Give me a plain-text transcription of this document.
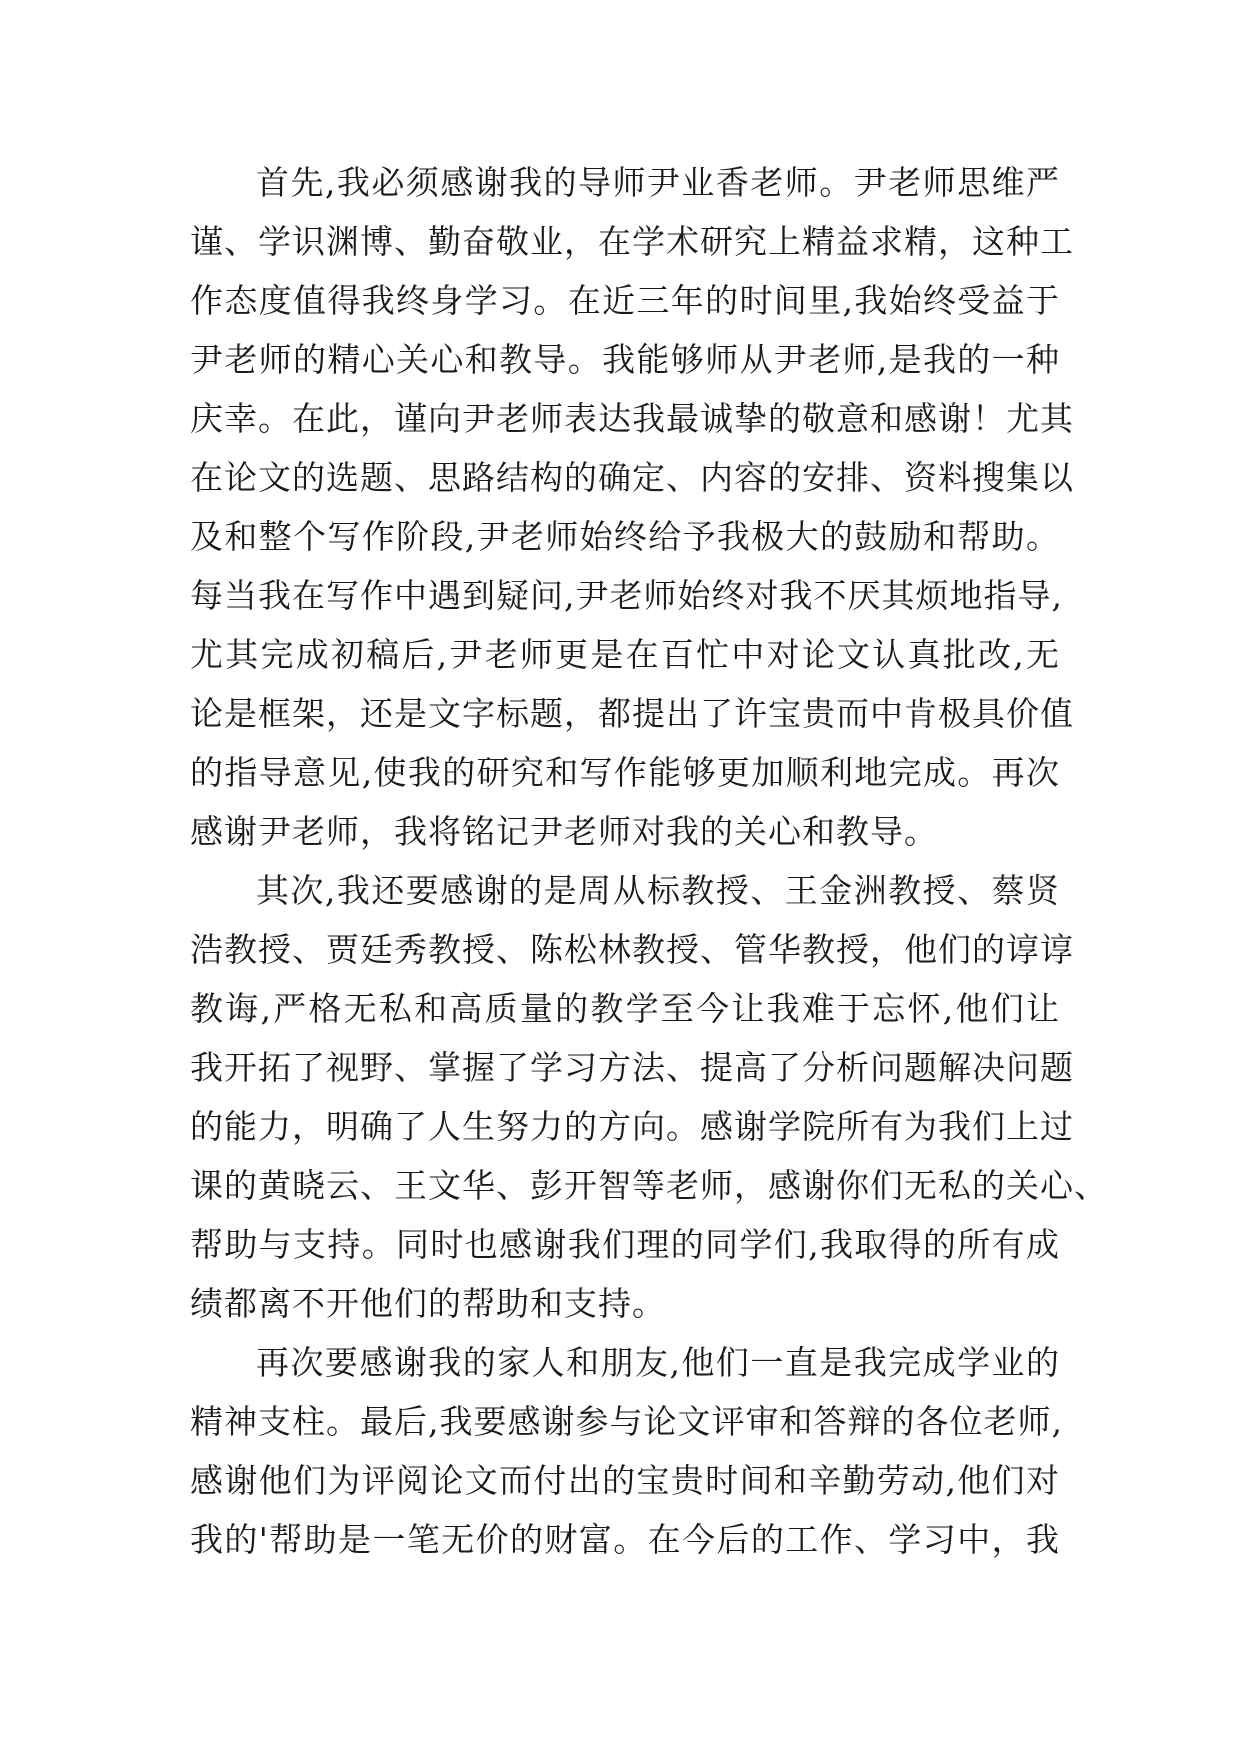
首先,我必须感谢我的导师尹业香老师。尹老师思维严
谨、学识渊博、勤奋敬业，在学术研究上精益求精，这种工
作态度值得我终身学习。在近三年的时间里,我始终受益于
尹老师的精心关心和教导。我能够师从尹老师,是我的一种
庆幸。在此，谨向尹老师表达我最诚挚的敬意和感谢！尤其
在论文的选题、思路结构的确定、内容的安排、资料搜集以
及和整个写作阶段,尹老师始终给予我极大的鼓励和帮助。
每当我在写作中遇到疑问,尹老师始终对我不厌其烦地指导,
尤其完成初稿后,尹老师更是在百忙中对论文认真批改,无
论是框架，还是文字标题，都提出了许宝贵而中肯极具价值
的指导意见,使我的研究和写作能够更加顺利地完成。再次
感谢尹老师，我将铭记尹老师对我的关心和教导。
其次,我还要感谢的是周从标教授、王金洲教授、蔡贤
浩教授、贾廷秀教授、陈松林教授、管华教授，他们的谆谆
教诲,严格无私和高质量的教学至今让我难于忘怀,他们让
我开拓了视野、掌握了学习方法、提高了分析问题解决问题
的能力，明确了人生努力的方向。感谢学院所有为我们上过
课的黄晓云、王文华、彭开智等老师，感谢你们无私的关心、
帮助与支持。同时也感谢我们理的同学们,我取得的所有成
绩都离不开他们的帮助和支持。
再次要感谢我的家人和朋友,他们一直是我完成学业的
精神支柱。最后,我要感谢参与论文评审和答辩的各位老师,
感谢他们为评阅论文而付出的宝贵时间和辛勤劳动,他们对
我的'帮助是一笔无价的财富。在今后的工作、学习中，我
